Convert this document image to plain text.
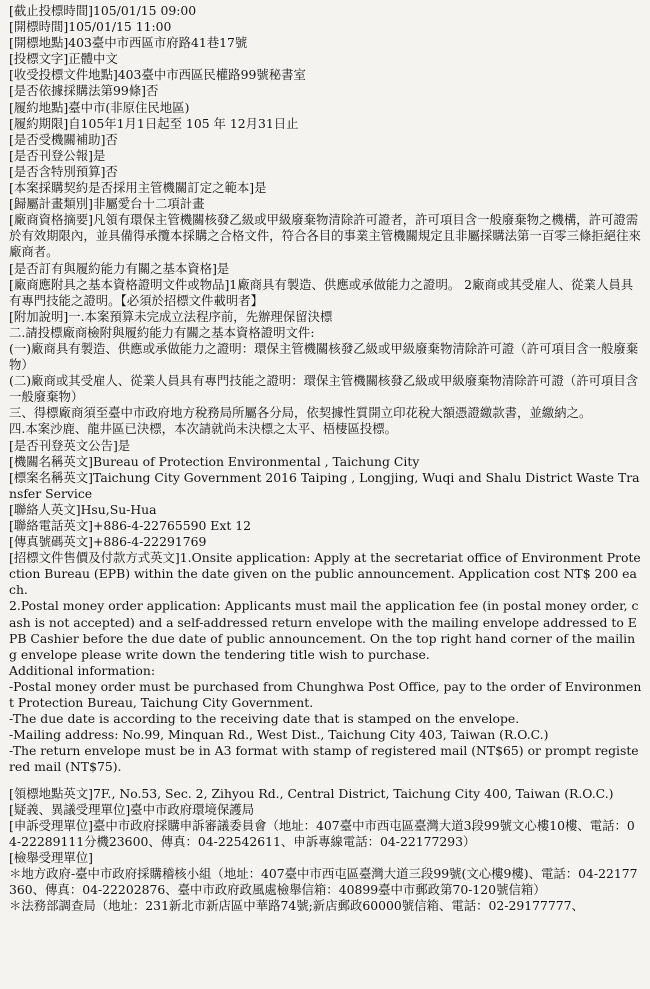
[截止投標時間]105/01/15 09:00
[開標時間]105/01/15 11:00
[開標地點]403臺中市西區市府路41巷17號
[投標文字]正體中文
[收受投標文件地點]403臺中市西區民權路99號秘書室
[是否依據採購法第99條]否
[履約地點]臺中市(非原住民地區)
[履約期限]自105年1月1日起至 105 年 12月31日止
[是否受機關補助]否
[是否刊登公報]是
[是否含特別預算]否
[本案採購契約是否採用主管機關訂定之範本]是
[歸屬計畫類別]非屬愛台十二項計畫
[廠商資格摘要]凡領有環保主管機關核發乙級或甲級廢棄物清除許可證者，許可項目含一般廢棄物之機構，許可證需於有效期限內，並具備得承攬本採購之合格文件，符合各目的事業主管機關規定且非屬採購法第一百零三條拒絕往來廠商者。
[是否訂有與履約能力有關之基本資格]是
[廠商應附具之基本資格證明文件或物品]1廠商具有製造、供應或承做能力之證明。 2廠商或其受雇人、從業人員具有專門技能之證明。【必須於招標文件載明者】
[附加說明]一.本案預算未完成立法程序前，先辦理保留決標
二.請投標廠商檢附與履約能力有關之基本資格證明文件:
(一)廠商具有製造、供應或承做能力之證明：環保主管機關核發乙級或甲級廢棄物清除許可證（許可項目含一般廢棄物）
(二)廠商或其受雇人、從業人員具有專門技能之證明：環保主管機關核發乙級或甲級廢棄物清除許可證（許可項目含一般廢棄物）
三、得標廠商須至臺中市政府地方稅務局所屬各分局，依契據性質開立印花稅大額憑證繳款書，並繳納之。
四.本案沙鹿、龍井區已決標，本次請就尚未決標之太平、梧棲區投標。
[是否刊登英文公告]是
[機關名稱英文]Bureau of Protection Environmental , Taichung City
[標案名稱英文]Taichung City Government 2016 Taiping , Longjing, Wuqi and Shalu District Waste Transfer Service
[聯絡人英文]Hsu,Su-Hua
[聯絡電話英文]+886-4-22765590 Ext 12
[傳真號碼英文]+886-4-22291769
[招標文件售價及付款方式英文]1.Onsite application: Apply at the secretariat office of Environment Protection Bureau (EPB) within the date given on the public announcement. Application cost NT$ 200 each.
2.Postal money order application: Applicants must mail the application fee (in postal money order, cash is not accepted) and a self-addressed return envelope with the mailing envelope addressed to EPB Cashier before the due date of public announcement. On the top right hand corner of the mailing envelope please write down the tendering title wish to purchase.
Additional information:
-Postal money order must be purchased from Chunghwa Post Office, pay to the order of Environment Protection Bureau, Taichung City Government.
-The due date is according to the receiving date that is stamped on the envelope.
-Mailing address: No.99, Minquan Rd., West Dist., Taichung City 403, Taiwan (R.O.C.)
-The return envelope must be in A3 format with stamp of registered mail (NT$65) or prompt registered mail (NT$75).
[領標地點英文]7F., No.53, Sec. 2, Zihyou Rd., Central District, Taichung City 400, Taiwan (R.O.C.)
[疑義、異議受理單位]臺中市政府環境保護局
[申訴受理單位]臺中市政府採購申訴審議委員會（地址：407臺中市西屯區臺灣大道3段99號文心樓10樓、電話：04-22289111分機23600、傳真：04-22542611、申訴專線電話：04-22177293）
[檢舉受理單位]
＊地方政府-臺中市政府採購稽核小組（地址：407臺中市西屯區臺灣大道三段99號(文心樓9樓)、電話：04-22177360、傳真：04-22202876、臺中市政府政風處檢舉信箱：40899臺中市郵政第70-120號信箱）
＊法務部調查局（地址：231新北市新店區中華路74號;新店郵政60000號信箱、電話：02-29177777、
